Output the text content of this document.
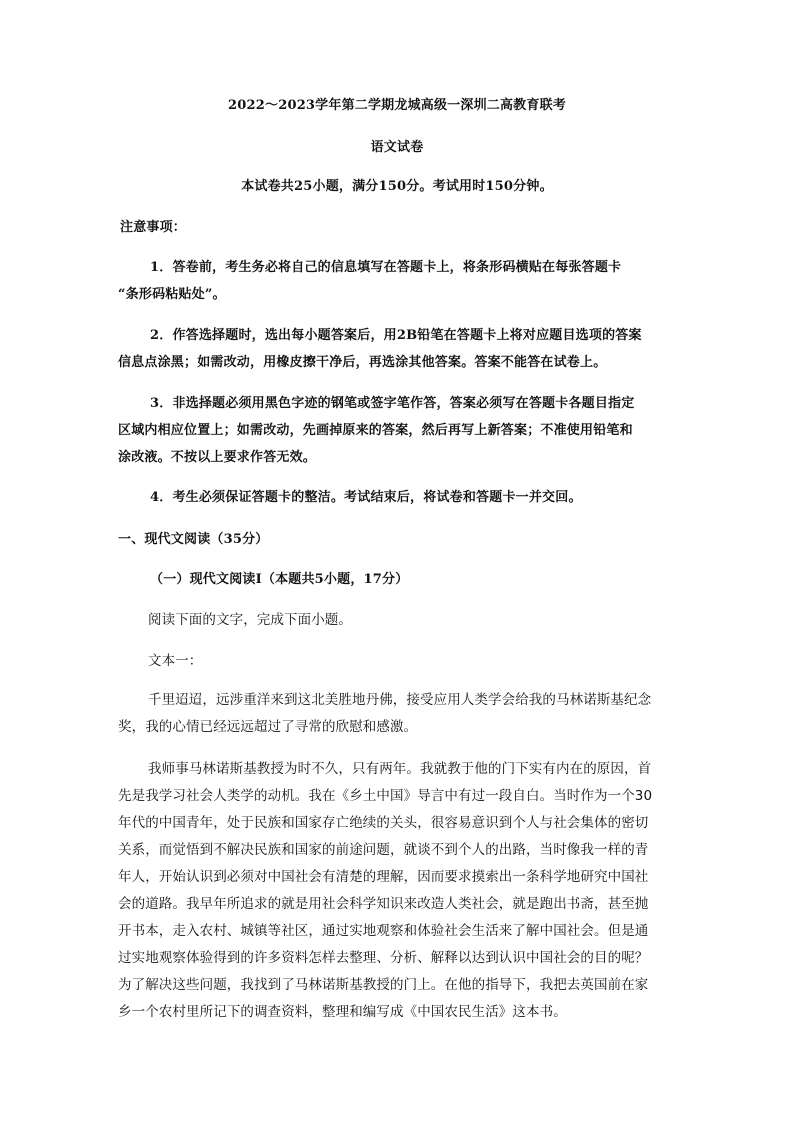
2022～2023学年第二学期龙城高级一深圳二高教育联考
语文试卷
本试卷共25小题，满分150分。考试用时150分钟。
注意事项：
1．答卷前，考生务必将自己的信息填写在答题卡上，将条形码横贴在每张答题卡
“条形码粘贴处”。
2．作答选择题时，选出每小题答案后，用2B铅笔在答题卡上将对应题目选项的答案
信息点涂黑；如需改动，用橡皮擦干净后，再选涂其他答案。答案不能答在试卷上。
3．非选择题必须用黑色字迹的钢笔或签字笔作答，答案必须写在答题卡各题目指定
区域内相应位置上；如需改动，先画掉原来的答案，然后再写上新答案；不准使用铅笔和
涂改液。不按以上要求作答无效。
4．考生必须保证答题卡的整洁。考试结束后，将试卷和答题卡一并交回。
一、现代文阅读（35分）
（一）现代文阅读Ⅰ（本题共5小题，17分）
阅读下面的文字，完成下面小题。
文本一：
千里迢迢，远涉重洋来到这北美胜地丹佛，接受应用人类学会给我的马林诺斯基纪念
奖，我的心情已经远远超过了寻常的欣慰和感激。
我师事马林诺斯基教授为时不久，只有两年。我就教于他的门下实有内在的原因，首
先是我学习社会人类学的动机。我在《乡土中国》导言中有过一段自白。当时作为一个30
年代的中国青年，处于民族和国家存亡绝续的关头，很容易意识到个人与社会集体的密切
关系，而觉悟到不解决民族和国家的前途问题，就谈不到个人的出路，当时像我一样的青
年人，开始认识到必须对中国社会有清楚的理解，因而要求摸索出一条科学地研究中国社
会的道路。我早年所追求的就是用社会科学知识来改造人类社会，就是跑出书斋，甚至抛
开书本，走入农村、城镇等社区，通过实地观察和体验社会生活来了解中国社会。但是通
过实地观察体验得到的许多资料怎样去整理、分析、解释以达到认识中国社会的目的呢？
为了解决这些问题，我找到了马林诺斯基教授的门上。在他的指导下，我把去英国前在家
乡一个农村里所记下的调查资料，整理和编写成《中国农民生活》这本书。
